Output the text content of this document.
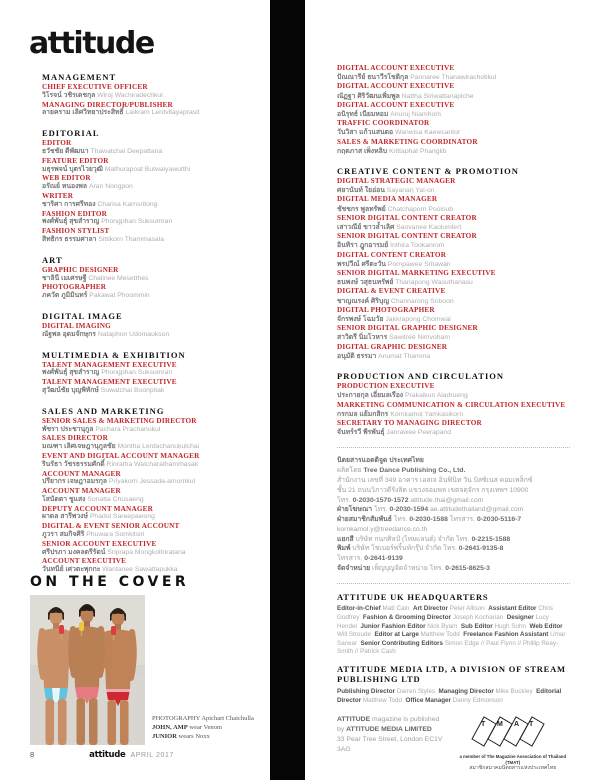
attitude
MANAGEMENT
CHIEF EXECUTIVE OFFICER
วิโรจน์ วชิรเดชกุล Wiroj Wachiradechkul
MANAGING DIRECTOR/PUBLISHER
ลายคราม เลิศวิทยาประสิทธิ์ Laikram Lerdvitayaprasit
EDITORIAL
EDITOR
ธวัชชัย ดีพัฒนา Thawatchai Deepattana
FEATURE EDITOR
มธุรพจน์ บุตรไวยวุฒิ Mathurapoat Butwaiyawutthi
WEB EDITOR
อรัณย์ หนองพล Aran Nongpon
WRITER
ชาริศา การศรีทอง Charisa Karnsritong
FASHION EDITOR
พงศ์พันธุ์ สุขสำราญ Phongphan Suksumran
FASHION STYLIST
สิทธิกร ธรรมศาลา Sittikorn Thammasala
ART
GRAPHIC DESIGNER
ชาลินี เมเศรษฐี Chalinee Mesetthes
PHOTOGRAPHER
ภควัต ภูมิมินทร์ Pakawat Phoommin
DIGITAL IMAGE
DIGITAL IMAGING
ณัฐพล อุดมจักษุกร Nataphon Udomaukson
MULTIMEDIA & EXHIBITION
TALENT MANAGEMENT EXECUTIVE
พงศ์พันธุ์ สุขสำราญ Phongphan Suksumran
TALENT MANAGEMENT EXECUTIVE
สุวัฒน์ชัย บุญพิทักษ์ Suwatchai Boonpitak
SALES AND MARKETING
SENIOR SALES & MARKETING DIRECTOR
พัชรา ประชานุกูล Pachara Prachanukul
SALES DIRECTOR
มณฑา เลิศเจษฎานุกูลชัย Montha Lerdachanukulchai
EVENT AND DIGITAL ACCOUNT MANAGER
รินรัธา วัชรธรรมศักดิ์ Rinratha Watcharathammasak
ACCOUNT MANAGER
ปรียากร เจษฎาอมรกุล Priyakorn Jessada-amornkul
ACCOUNT MANAGER
โสนัตตา ชูแสง Sonatta Chusaeng
DEPUTY ACCOUNT MANAGER
ผาดล สารีพวงษ์ Phadol Sareepawong
DIGITAL & EVENT SENIOR ACCOUNT
ภูวรา สมกิจศิริ Phuwara Somkitsiri
SENIOR ACCOUNT EXECUTIVE
ศรีปรภา มงคลตรีรัตน์ Sriprapa Mongkoltriratana
ACCOUNT EXECUTIVE
วันทนีย์ เศวตะพุกกะ Wantanee Sawattapukka
DIGITAL ACCOUNT EXECUTIVE
ปัณณารีย์ ธนาวีรโชติกุล Pannaree Thanawirachotikul
DIGITAL ACCOUNT EXECUTIVE
ณัฏฐา ศิริวัฒนเพิ่มพูล Nattha Siriwattanapiche
DIGITAL ACCOUNT EXECUTIVE
อนิรุทธ์ เนียมหอม Anuruj Niamhom
TRAFFIC COORDINATOR
วันวิสา แก้วแสนตอ Wanwisa Kaewsantor
SALES & MARKETING COORDINATOR
กฤตภาส เพ็งหลิบ Krittaphat Phanglib
CREATIVE CONTENT & PROMOTION
DIGITAL STRATEGIC MANAGER
ศยานันท์ ใยอ่อน Sayanan Yai-on
DIGITAL MEDIA MANAGER
ชัชชกร พูลทรัพย์ Chatchaporn Poolsub
SENIOR DIGITAL CONTENT CREATOR
เสาวณีย์ ขาวล้ำเลิศ Saovanee Kaolumlert
SENIOR DIGITAL CONTENT CREATOR
อินทิรา ฎูกอารมย์ Inthira Tookanrom
DIGITAL CONTENT CREATOR
พรปวีณ์ ศรีตะวัน Pornpawee Sritawan
SENIOR DIGITAL MARKETING EXECUTIVE
ธนพงษ์ วสุธนทรัพย์ Thanapong Wasuthanasu
DIGITAL & EVENT CREATIVE
ชาญณรงค์ ศิริบุญ Channarong Sriboon
DIGITAL PHOTOGRAPHER
จักรพงษ์ โฉมวัย Jakkrapong Chomwai
SENIOR DIGITAL GRAPHIC DESIGNER
สาวิตรี นิ่มโวหาร Sawitree Nimvoham
DIGITAL GRAPHIC DESIGNER
อนุมัติ ธรรมา Anumat Thamma
PRODUCTION AND CIRCULATION
PRODUCTION EXECUTIVE
ประกายกุล เอี่ยมลเรือง Prakaikun Aiadrueng
MARKETING COMMUNICATION & CIRCULATION EXECUTIVE
กรกมล แย้มกสิกร Kornkamol Yamkasikorn
SECRETARY TO MANAGING DIRECTOR
จันทร์รวี พีรพันธุ์ Janrawee Peerapand
นิตยสารแอตติจูด ประเทศไทย
ผลิตโดย Tree Dance Publishing Co., Ltd.
สำนักงาน เลขที่ 349 อาคาร เอสเจ อินฟินิท วัน บิสซิเนส คอมเพล็กซ์
ชั้น 21 ถนนวิภาวดีรังสิต แขวงจอมพล เขตจตุจักร กรุงเทพฯ 10900
โทร. 0-2030-1570-1572 attitude.thai@gmail.com
ฝ่ายโฆษณา โทร. 0-2030-1594 ae.attitudethailand@gmail.com
ฝ่ายสมาชิกสัมพันธ์ โทร. 0-2030-1588 โทรสาร. 0-2030-5116-7
kornkamol.y@treedance.co.th
แยกสี บริษัท กนกศิลป์ (ไทยแลนด์) จำกัด โทร. 0-2215-1588
พิมพ์ บริษัท โชเบอร์พริ้นท์กรุ๊ป จำกัด โทร. 0-2641-9135-8
โทรสาร. 0-2641-9139
จัดจำหน่าย เพ็ญบุญจัดจำหน่าย โทร. 0-2615-8625-3
ATTITUDE UK HEADQUARTERS

Editor-in-Chief Matt Cain Art Director Peter Allison Assistant Editor Chris Godfrey Fashion & Grooming Director Joseph Kocharian Designer Lucy Hendel Junior Fashion Editor Nick Byam Sub Editor Hugh Sohn Web Editor Will Stroude Editor at Large Matthew Todd Freelance Fashion Assistant Umar Sarwar Senior Contributing Editors Simon Edge // Paul Flynn // Phillip Reay-Smith // Patrick Cash

ATTITUDE MEDIA LTD, A DIVISION OF STREAM PUBLISHING LTD

Publishing Director Darren Styles Managing Director Mike Buckley Editorial Director Matthew Todd Office Manager Danny Edmonson

ATTITUDE magazine is published
by ATTITUDE MEDIA LIMITED
33 Pear Tree Street, London EC1V 3AG
T M A T
a member of The Magazine Association of Thailand (TMAT)
สมาชิกสมาคมนิตยสารแห่งประเทศไทย
ON THE COVER
PHOTOGRAPHY Apichart Chaichulla
JOHN, AMP wear Venom
JUNIOR wears Noxx
8	attitude APRIL 2017
